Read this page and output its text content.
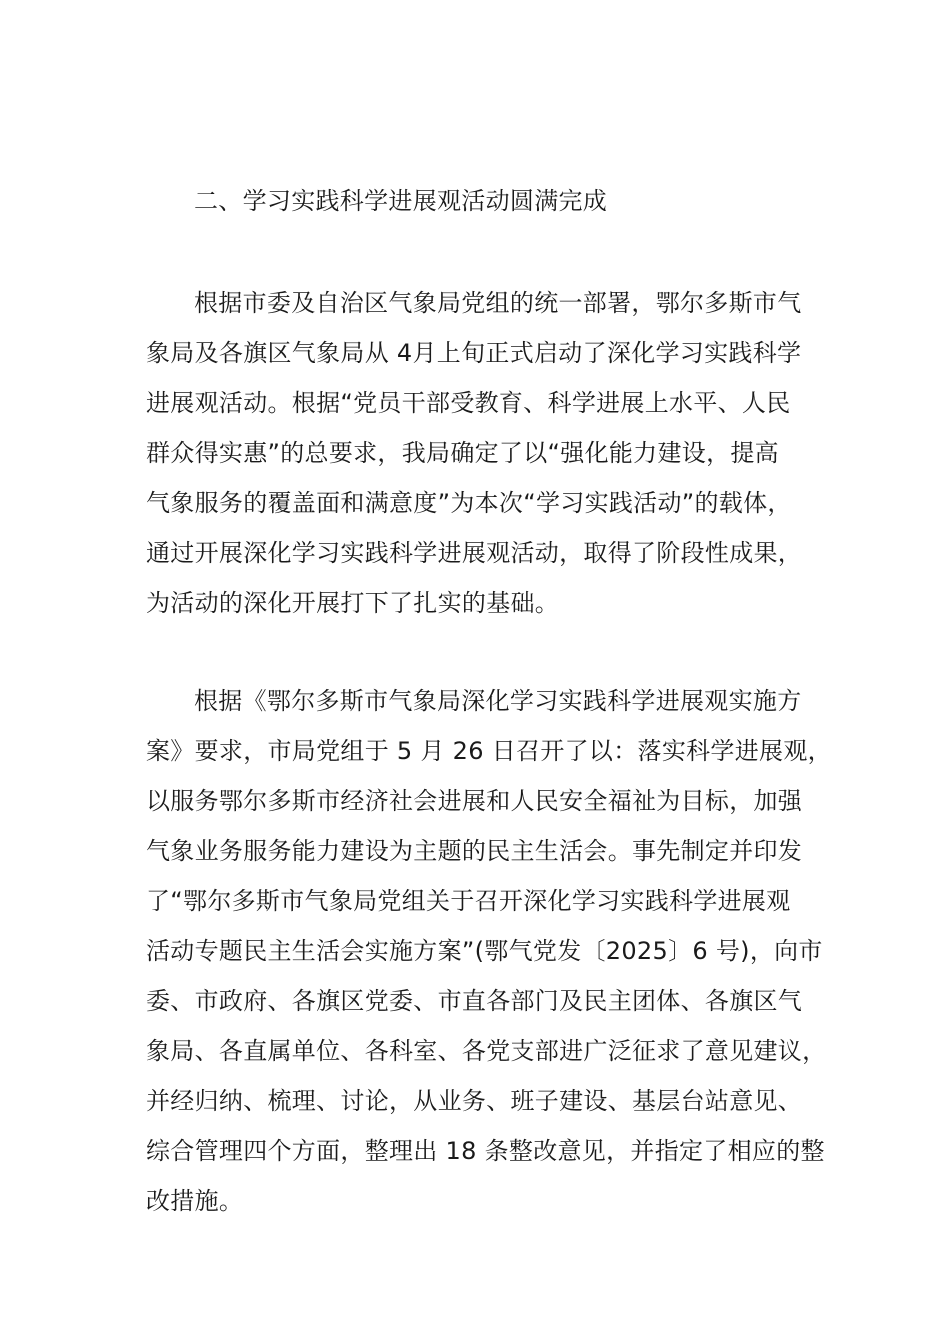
二、学习实践科学进展观活动圆满完成
根据市委及自治区气象局党组的统一部署，鄂尔多斯市气
象局及各旗区气象局从 4月上旬正式启动了深化学习实践科学
进展观活动。根据“党员干部受教育、科学进展上水平、人民
群众得实惠”的总要求，我局确定了以“强化能力建设，提高
气象服务的覆盖面和满意度”为本次“学习实践活动”的载体，
通过开展深化学习实践科学进展观活动，取得了阶段性成果，
为活动的深化开展打下了扎实的基础。
根据《鄂尔多斯市气象局深化学习实践科学进展观实施方
案》要求，市局党组于 5 月 26 日召开了以：落实科学进展观，
以服务鄂尔多斯市经济社会进展和人民安全福祉为目标，加强
气象业务服务能力建设为主题的民主生活会。事先制定并印发
了“鄂尔多斯市气象局党组关于召开深化学习实践科学进展观
活动专题民主生活会实施方案”(鄂气党发〔2025〕6 号)，向市
委、市政府、各旗区党委、市直各部门及民主团体、各旗区气
象局、各直属单位、各科室、各党支部进广泛征求了意见建议，
并经归纳、梳理、讨论，从业务、班子建设、基层台站意见、
综合管理四个方面，整理出 18 条整改意见，并指定了相应的整
改措施。
